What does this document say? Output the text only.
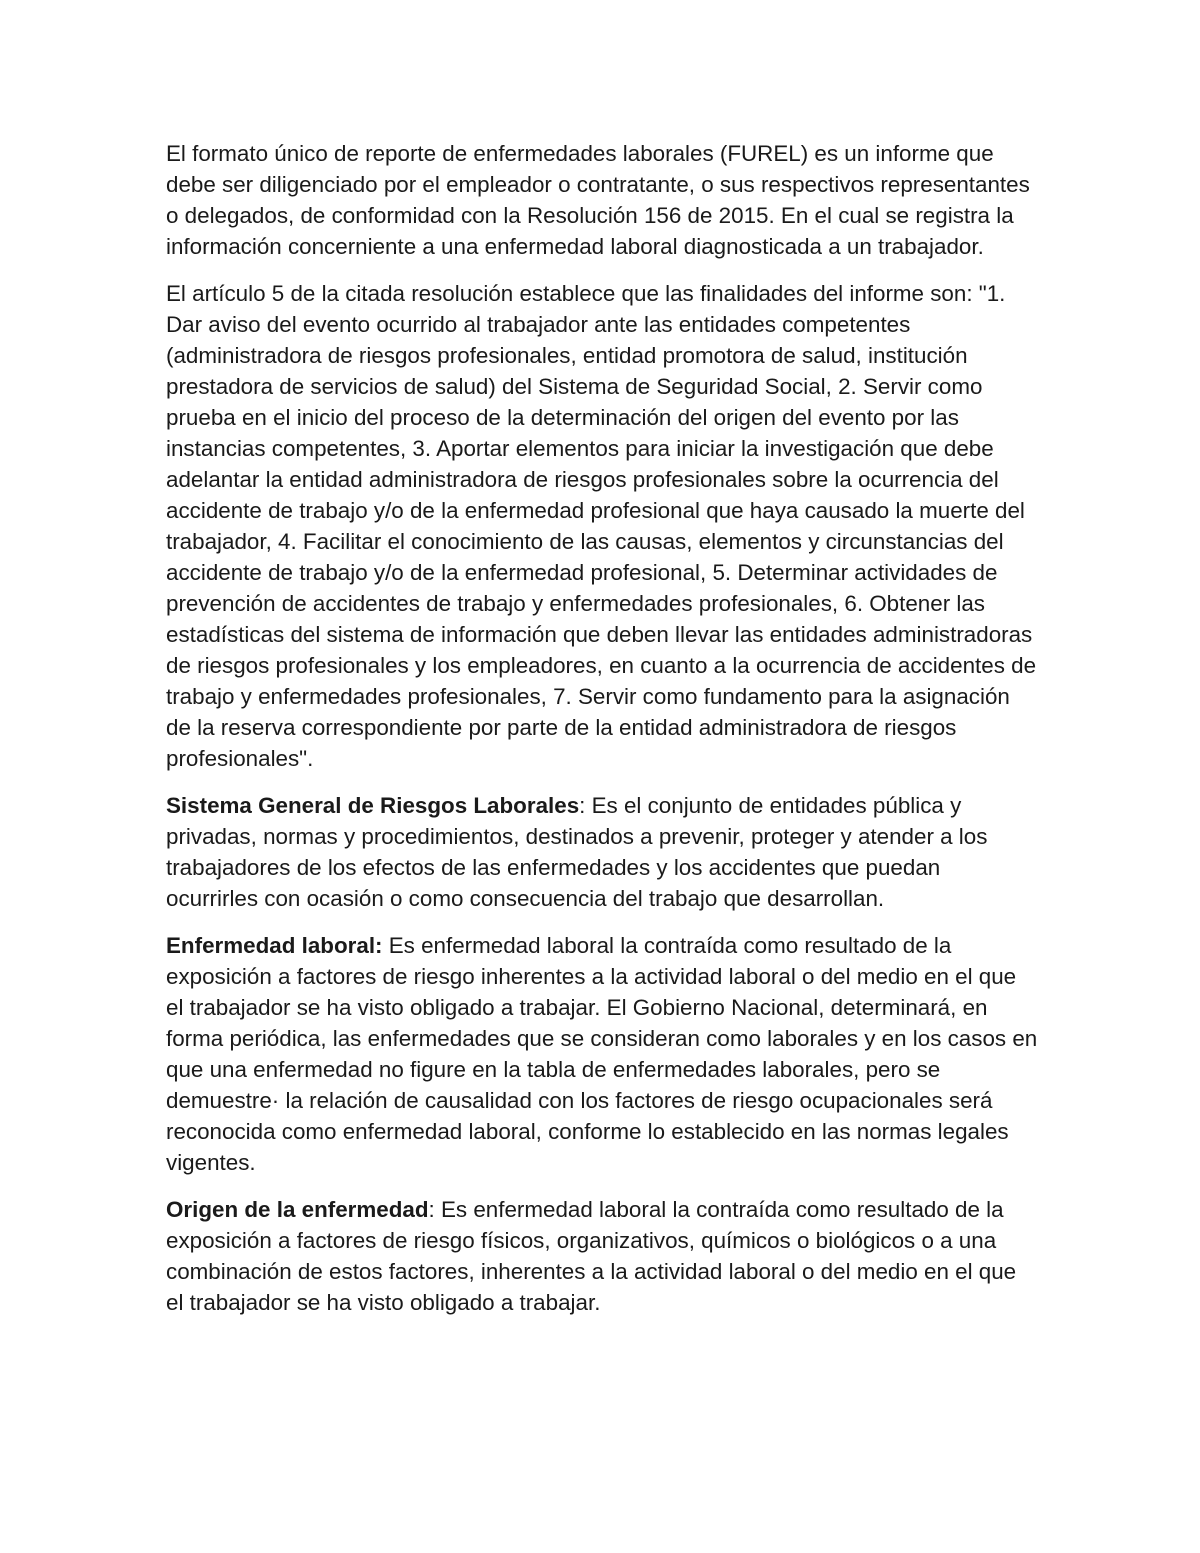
El formato único de reporte de enfermedades laborales (FUREL) es un informe que debe ser diligenciado por el empleador o contratante, o sus respectivos representantes o delegados, de conformidad con la Resolución 156 de 2015. En el cual se registra la información concerniente a una enfermedad laboral diagnosticada a un trabajador.

El artículo 5 de la citada resolución establece que las finalidades del informe son: "1. Dar aviso del evento ocurrido al trabajador ante las entidades competentes (administradora de riesgos profesionales, entidad promotora de salud, institución prestadora de servicios de salud) del Sistema de Seguridad Social, 2. Servir como prueba en el inicio del proceso de la determinación del origen del evento por las instancias competentes, 3. Aportar elementos para iniciar la investigación que debe adelantar la entidad administradora de riesgos profesionales sobre la ocurrencia del accidente de trabajo y/o de la enfermedad profesional que haya causado la muerte del trabajador, 4. Facilitar el conocimiento de las causas, elementos y circunstancias del accidente de trabajo y/o de la enfermedad profesional, 5. Determinar actividades de prevención de accidentes de trabajo y enfermedades profesionales, 6. Obtener las estadísticas del sistema de información que deben llevar las entidades administradoras de riesgos profesionales y los empleadores, en cuanto a la ocurrencia de accidentes de trabajo y enfermedades profesionales, 7. Servir como fundamento para la asignación de la reserva correspondiente por parte de la entidad administradora de riesgos profesionales".

Sistema General de Riesgos Laborales: Es el conjunto de entidades pública y privadas, normas y procedimientos, destinados a prevenir, proteger y atender a los trabajadores de los efectos de las enfermedades y los accidentes que puedan ocurrirles con ocasión o como consecuencia del trabajo que desarrollan.

Enfermedad laboral: Es enfermedad laboral la contraída como resultado de la exposición a factores de riesgo inherentes a la actividad laboral o del medio en el que el trabajador se ha visto obligado a trabajar. El Gobierno Nacional, determinará, en forma periódica, las enfermedades que se consideran como laborales y en los casos en que una enfermedad no figure en la tabla de enfermedades laborales, pero se demuestre· la relación de causalidad con los factores de riesgo ocupacionales será reconocida como enfermedad laboral, conforme lo establecido en las normas legales vigentes.

Origen de la enfermedad: Es enfermedad laboral la contraída como resultado de la exposición a factores de riesgo físicos, organizativos, químicos o biológicos o a una combinación de estos factores, inherentes a la actividad laboral o del medio en el que el trabajador se ha visto obligado a trabajar.
